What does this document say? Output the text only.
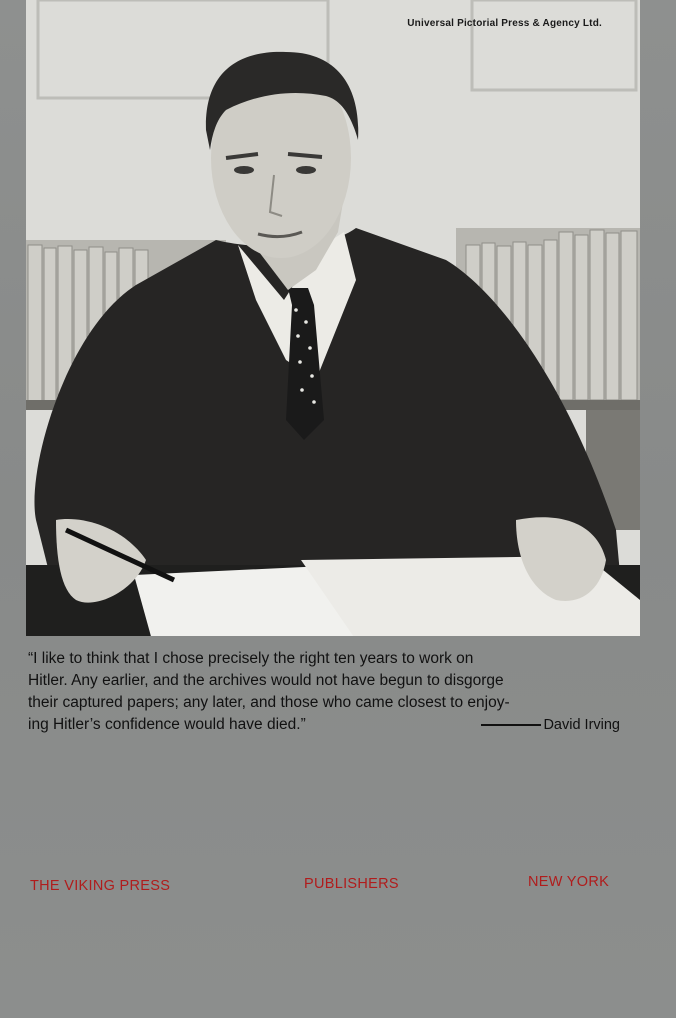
Universal Pictorial Press & Agency Ltd.
“I like to think that I chose precisely the right ten years to work on
Hitler. Any earlier, and the archives would not have begun to disgorge
their captured papers; any later, and those who came closest to enjoy-
ing Hitler’s confidence would have died.”	David Irving
THE VIKING PRESS	PUBLISHERS	NEW YORK
